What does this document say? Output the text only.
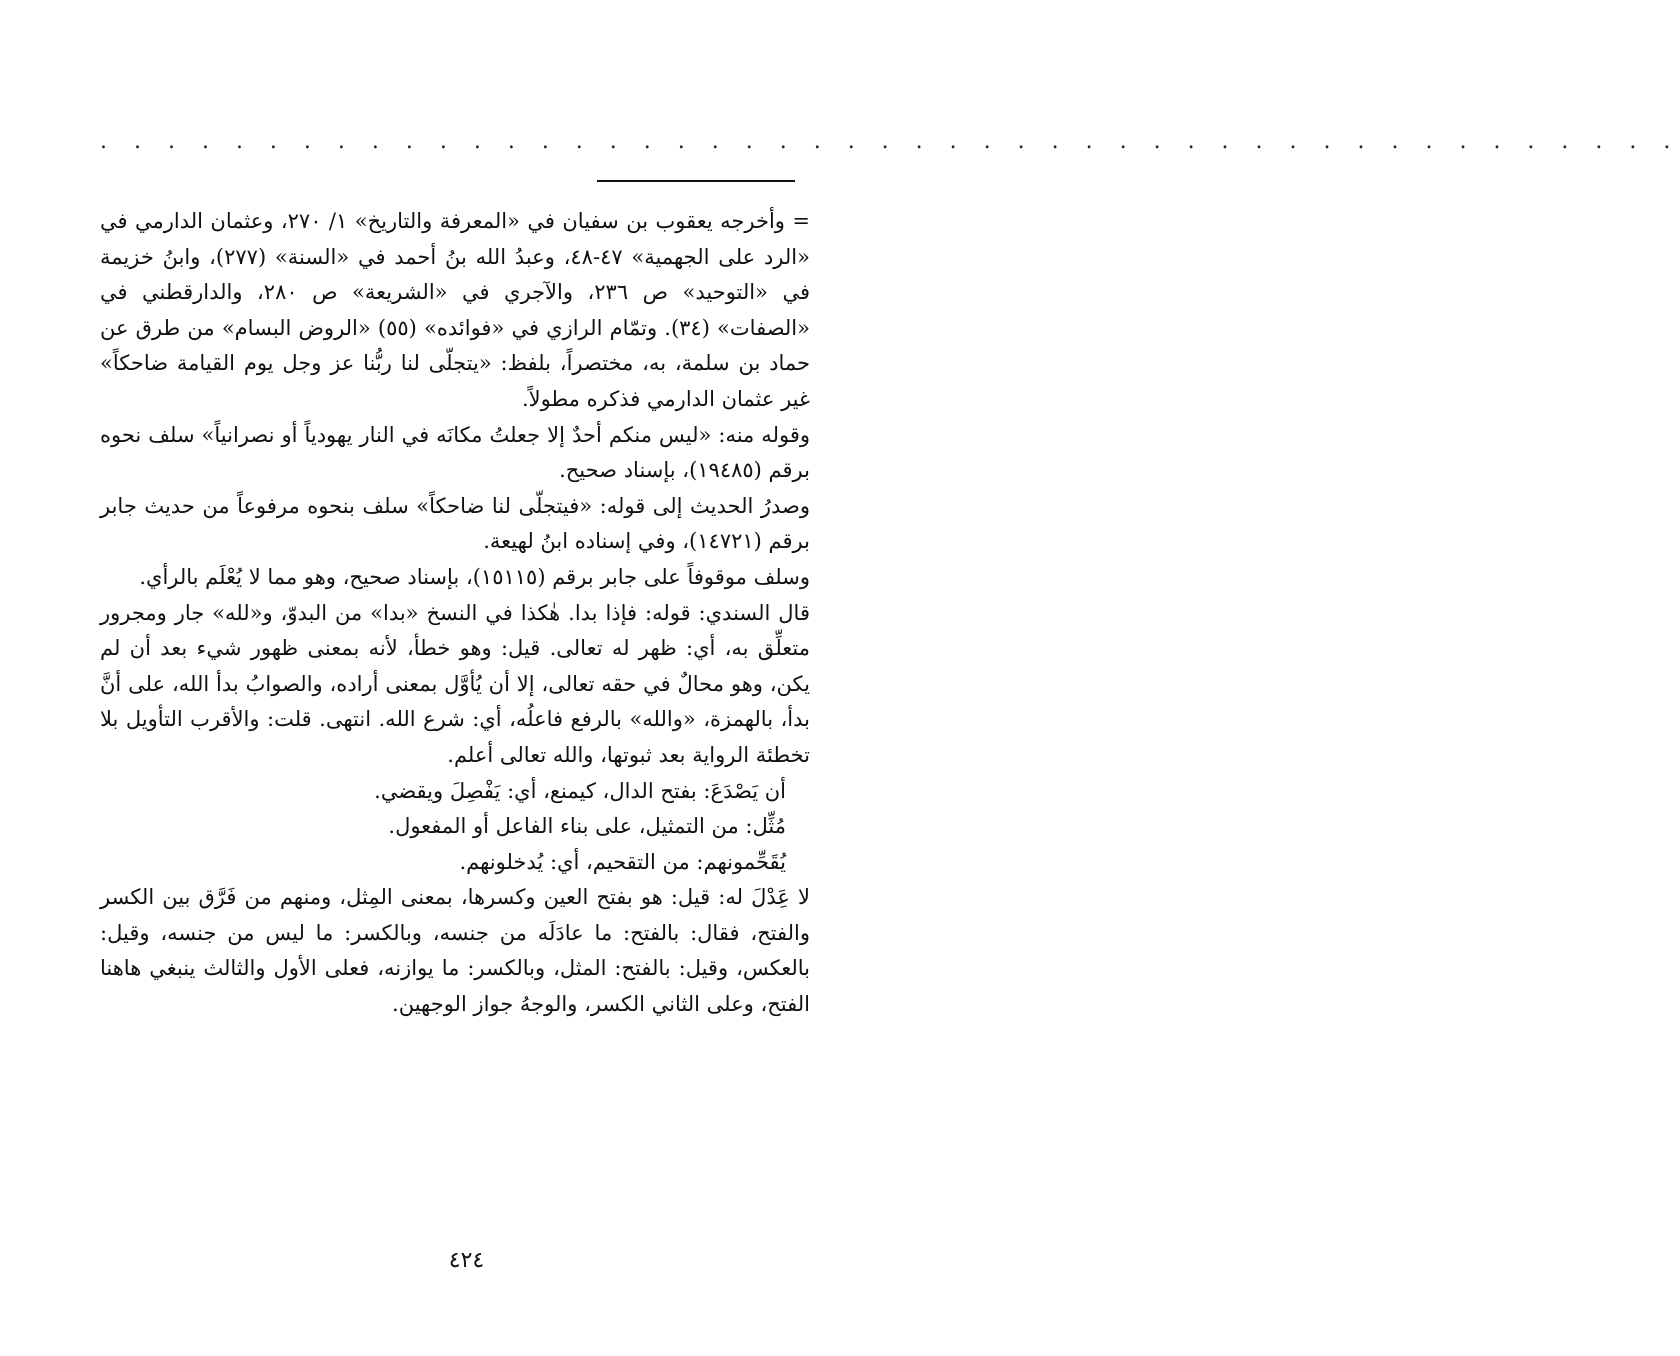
. . . . . . . . . . . . . . . . . . . . . . . . . . . . . . . . . . . . . . . . . . . . . . .

= وأخرجه يعقوب بن سفيان في «المعرفة والتاريخ» ١/ ٢٧٠، وعثمان الدارمي في «الرد على الجهمية» ٤٧-٤٨، وعبدُ الله بنُ أحمد في «السنة» (٢٧٧)، وابنُ خزيمة في «التوحيد» ص ٢٣٦، والآجري في «الشريعة» ص ٢٨٠، والدارقطني في «الصفات» (٣٤). وتمّام الرازي في «فوائده» (٥٥) «الروض البسام» من طرق عن حماد بن سلمة، به، مختصراً، بلفظ: «يتجلّى لنا ربُّنا عز وجل يوم القيامة ضاحكاً» غير عثمان الدارمي فذكره مطولاً.

وقوله منه: «ليس منكم أحدٌ إلا جعلتُ مكانَه في النار يهودياً أو نصرانياً» سلف نحوه برقم (١٩٤٨٥)، بإسناد صحيح.

وصدرُ الحديث إلى قوله: «فيتجلّى لنا ضاحكاً» سلف بنحوه مرفوعاً من حديث جابر برقم (١٤٧٢١)، وفي إسناده ابنُ لهيعة.

وسلف موقوفاً على جابر برقم (١٥١١٥)، بإسناد صحيح، وهو مما لا يُعْلَم بالرأي.

قال السندي: قوله: فإذا بدا. هٰكذا في النسخ «بدا» من البدوّ، و«لله» جار ومجرور متعلِّق به، أي: ظهر له تعالى. قيل: وهو خطأ، لأنه بمعنى ظهور شيء بعد أن لم يكن، وهو محالٌ في حقه تعالى، إلا أن يُأوَّل بمعنى أراده، والصوابُ بدأ الله، على أنَّ بدأ، بالهمزة، «والله» بالرفع فاعلُه، أي: شرع الله. انتهى. قلت: والأقرب التأويل بلا تخطئة الرواية بعد ثبوتها، والله تعالى أعلم.

أن يَصْدَعَ: بفتح الدال، كيمنع، أي: يَفْصِلَ ويقضي.

مُثِّل: من التمثيل، على بناء الفاعل أو المفعول.

يُقَحِّمونهم: من التقحيم، أي: يُدخلونهم.

لا عَِدْلَ له: قيل: هو بفتح العين وكسرها، بمعنى المِثل، ومنهم من فَرَّق بين الكسر والفتح، فقال: بالفتح: ما عادَلَه من جنسه، وبالكسر: ما ليس من جنسه، وقيل: بالعكس، وقيل: بالفتح: المثل، وبالكسر: ما يوازنه، فعلى الأول والثالث ينبغي هاهنا الفتح، وعلى الثاني الكسر، والوجهُ جواز الوجهين.

٤٢٤
